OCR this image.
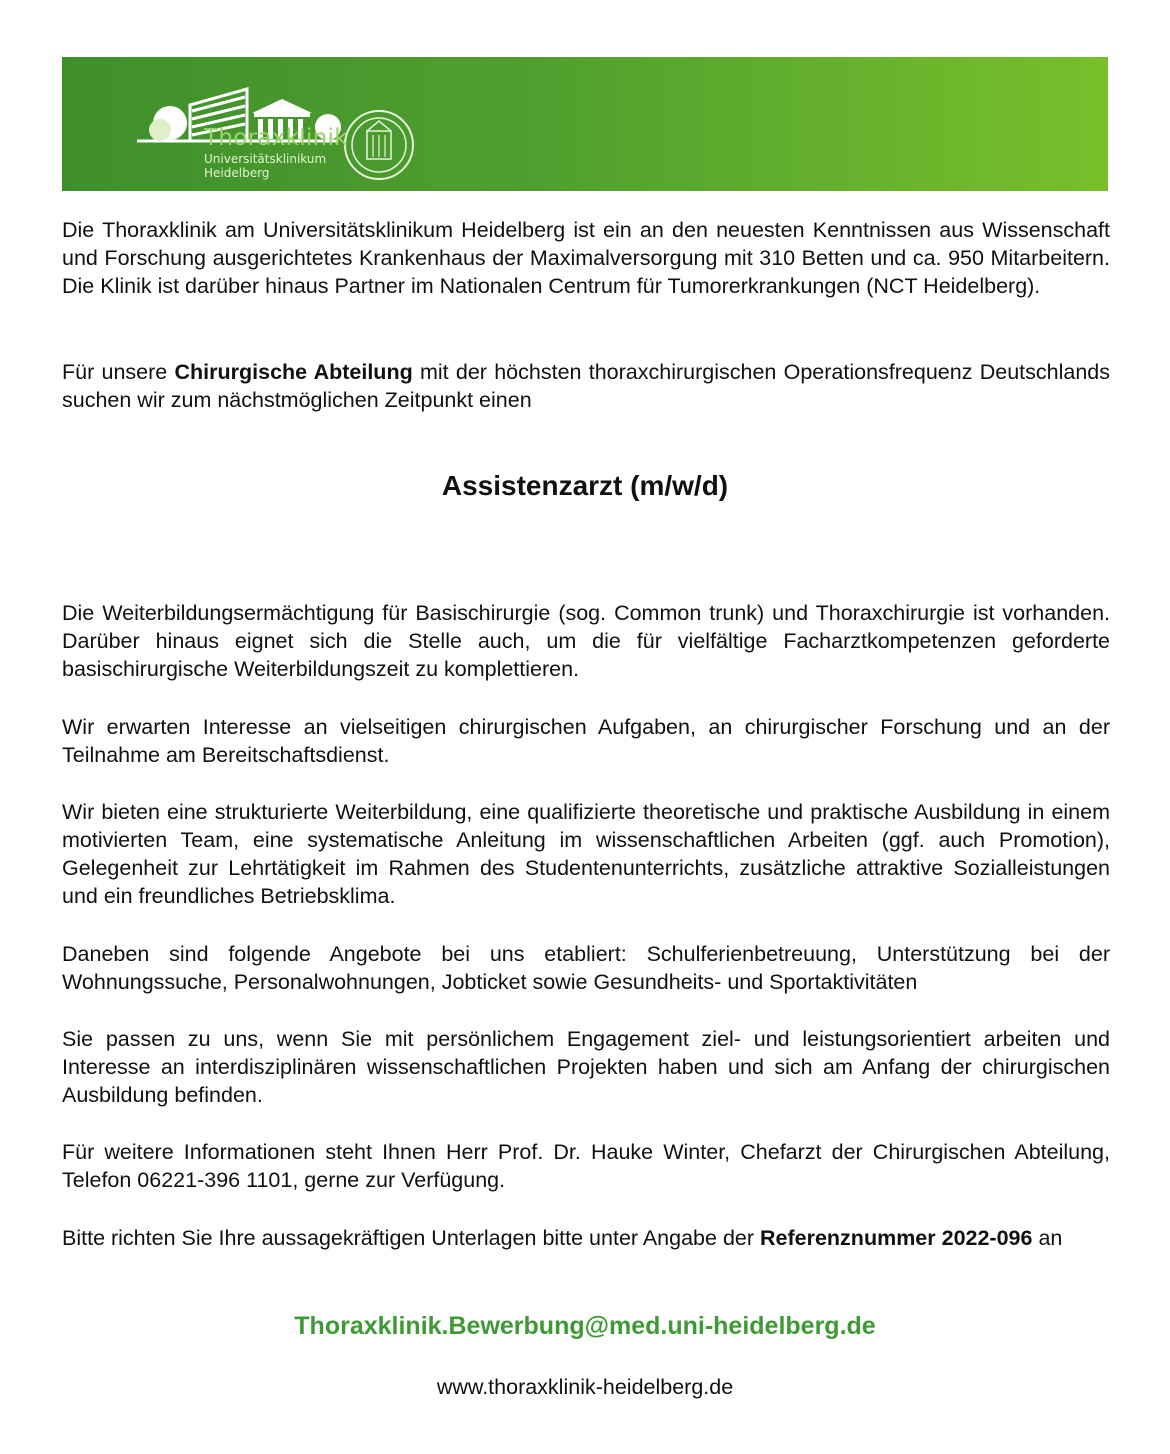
Thoraxklinik
Universitätsklinikum
Heidelberg

Die Thoraxklinik am Universitätsklinikum Heidelberg ist ein an den neuesten Kenntnissen aus Wissenschaft und Forschung ausgerichtetes Krankenhaus der Maximalversorgung mit 310 Betten und ca. 950 Mitarbeitern. Die Klinik ist darüber hinaus Partner im Nationalen Centrum für Tumorerkrankungen (NCT Heidelberg).

Für unsere Chirurgische Abteilung mit der höchsten thoraxchirurgischen Operationsfrequenz Deutschlands suchen wir zum nächstmöglichen Zeitpunkt einen

Assistenzarzt (m/w/d)

Die Weiterbildungsermächtigung für Basischirurgie (sog. Common trunk) und Thoraxchirurgie ist vorhanden. Darüber hinaus eignet sich die Stelle auch, um die für vielfältige Facharztkompetenzen geforderte basischirurgische Weiterbildungszeit zu komplettieren.

Wir erwarten Interesse an vielseitigen chirurgischen Aufgaben, an chirurgischer Forschung und an der Teilnahme am Bereitschaftsdienst.

Wir bieten eine strukturierte Weiterbildung, eine qualifizierte theoretische und praktische Ausbildung in einem motivierten Team, eine systematische Anleitung im wissenschaftlichen Arbeiten (ggf. auch Promotion), Gelegenheit zur Lehrtätigkeit im Rahmen des Studentenunterrichts, zusätzliche attraktive Sozialleistungen und ein freundliches Betriebsklima.

Daneben sind folgende Angebote bei uns etabliert: Schulferienbetreuung, Unterstützung bei der Wohnungssuche, Personalwohnungen, Jobticket sowie Gesundheits- und Sportaktivitäten

Sie passen zu uns, wenn Sie mit persönlichem Engagement ziel- und leistungsorientiert arbeiten und Interesse an interdisziplinären wissenschaftlichen Projekten haben und sich am Anfang der chirurgischen Ausbildung befinden.

Für weitere Informationen steht Ihnen Herr Prof. Dr. Hauke Winter, Chefarzt der Chirurgischen Abteilung, Telefon 06221-396 1101, gerne zur Verfügung.

Bitte richten Sie Ihre aussagekräftigen Unterlagen bitte unter Angabe der Referenznummer 2022-096 an

Thoraxklinik.Bewerbung@med.uni-heidelberg.de
www.thoraxklinik-heidelberg.de
